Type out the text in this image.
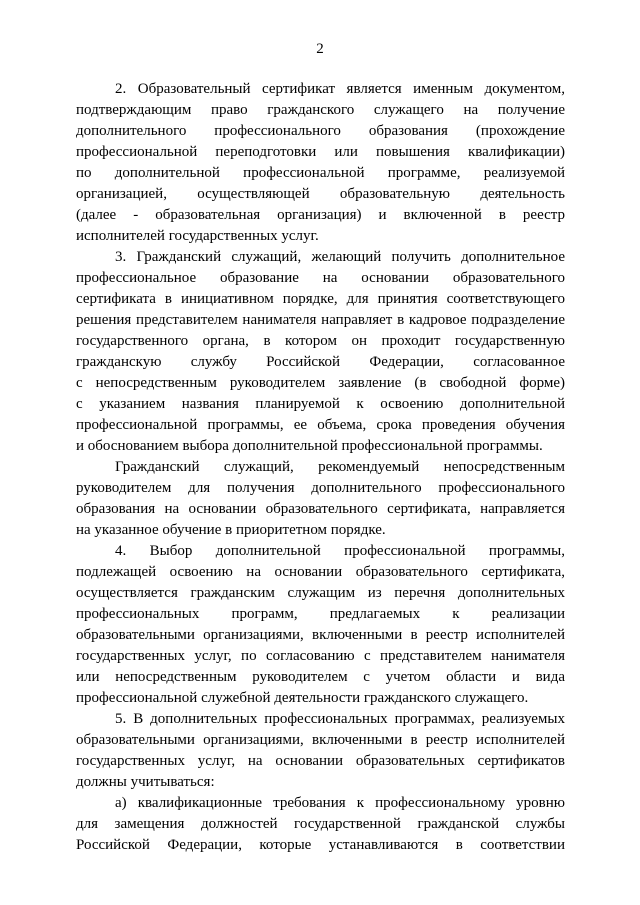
2
2. Образовательный сертификат является именным документом,
подтверждающим право гражданского служащего на получение
дополнительного профессионального образования (прохождение
профессиональной переподготовки или повышения квалификации)
по дополнительной профессиональной программе, реализуемой
организацией, осуществляющей образовательную деятельность
(далее - образовательная организация) и включенной в реестр
исполнителей государственных услуг.
3. Гражданский служащий, желающий получить дополнительное
профессиональное образование на основании образовательного
сертификата в инициативном порядке, для принятия соответствующего
решения представителем нанимателя направляет в кадровое подразделение
государственного органа, в котором он проходит государственную
гражданскую службу Российской Федерации, согласованное
с непосредственным руководителем заявление (в свободной форме)
с указанием названия планируемой к освоению дополнительной
профессиональной программы, ее объема, срока проведения обучения
и обоснованием выбора дополнительной профессиональной программы.
Гражданский служащий, рекомендуемый непосредственным
руководителем для получения дополнительного профессионального
образования на основании образовательного сертификата, направляется
на указанное обучение в приоритетном порядке.
4. Выбор дополнительной профессиональной программы,
подлежащей освоению на основании образовательного сертификата,
осуществляется гражданским служащим из перечня дополнительных
профессиональных программ, предлагаемых к реализации
образовательными организациями, включенными в реестр исполнителей
государственных услуг, по согласованию с представителем нанимателя
или непосредственным руководителем с учетом области и вида
профессиональной служебной деятельности гражданского служащего.
5. В дополнительных профессиональных программах, реализуемых
образовательными организациями, включенными в реестр исполнителей
государственных услуг, на основании образовательных сертификатов
должны учитываться:
а) квалификационные требования к профессиональному уровню
для замещения должностей государственной гражданской службы
Российской Федерации, которые устанавливаются в соответствии
